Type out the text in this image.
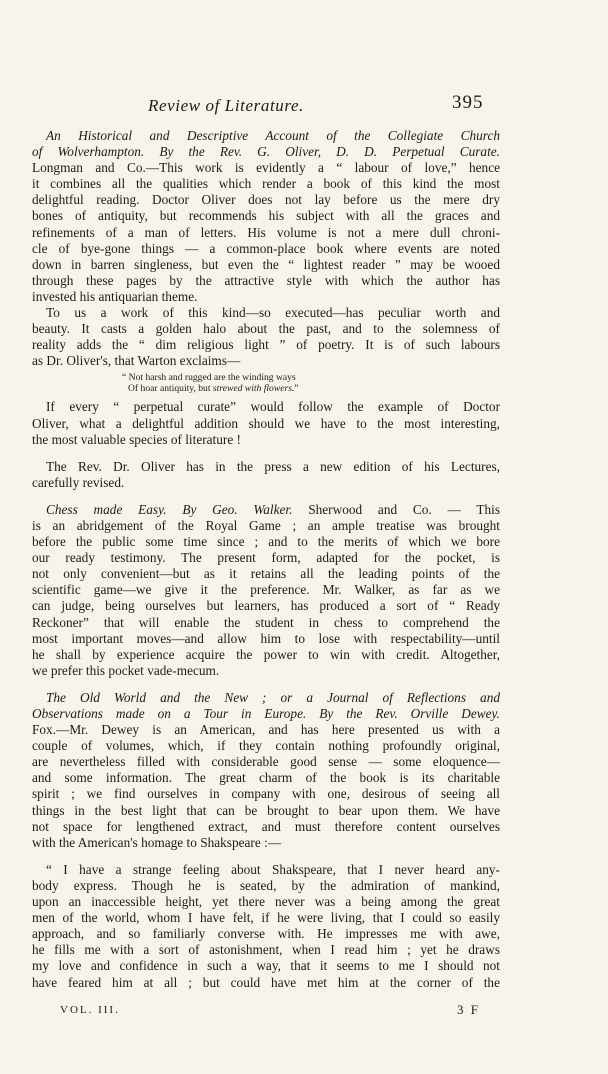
Review of Literature.	395

An Historical and Descriptive Account of the Collegiate Church
of Wolverhampton. By the Rev. G. Oliver, D. D. Perpetual Curate.
Longman and Co.—This work is evidently a “ labour of love,” hence
it combines all the qualities which render a book of this kind the most
delightful reading. Doctor Oliver does not lay before us the mere dry
bones of antiquity, but recommends his subject with all the graces and
refinements of a man of letters. His volume is not a mere dull chroni-
cle of bye-gone things — a common-place book where events are noted
down in barren singleness, but even the “ lightest reader ” may be wooed
through these pages by the attractive style with which the author has
invested his antiquarian theme.
To us a work of this kind—so executed—has peculiar worth and
beauty. It casts a golden halo about the past, and to the solemness of
reality adds the “ dim religious light ” of poetry. It is of such labours
as Dr. Oliver's, that Warton exclaims—

“ Not harsh and rugged are the winding ways
Of hoar antiquity, but strewed with flowers.”

If every “ perpetual curate” would follow the example of Doctor
Oliver, what a delightful addition should we have to the most interesting,
the most valuable species of literature !

The Rev. Dr. Oliver has in the press a new edition of his Lectures,
carefully revised.

Chess made Easy. By Geo. Walker. Sherwood and Co. — This
is an abridgement of the Royal Game ; an ample treatise was brought
before the public some time since ; and to the merits of which we bore
our ready testimony. The present form, adapted for the pocket, is
not only convenient—but as it retains all the leading points of the
scientific game—we give it the preference. Mr. Walker, as far as we
can judge, being ourselves but learners, has produced a sort of “ Ready
Reckoner” that will enable the student in chess to comprehend the
most important moves—and allow him to lose with respectability—until
he shall by experience acquire the power to win with credit. Altogether,
we prefer this pocket vade-mecum.

The Old World and the New ; or a Journal of Reflections and
Observations made on a Tour in Europe. By the Rev. Orville Dewey.
Fox.—Mr. Dewey is an American, and has here presented us with a
couple of volumes, which, if they contain nothing profoundly original,
are nevertheless filled with considerable good sense — some eloquence—
and some information. The great charm of the book is its charitable
spirit ; we find ourselves in company with one, desirous of seeing all
things in the best light that can be brought to bear upon them. We have
not space for lengthened extract, and must therefore content ourselves
with the American's homage to Shakspeare :—

“ I have a strange feeling about Shakspeare, that I never heard any-
body express. Though he is seated, by the admiration of mankind,
upon an inaccessible height, yet there never was a being among the great
men of the world, whom I have felt, if he were living, that I could so easily
approach, and so familiarly converse with. He impresses me with awe,
he fills me with a sort of astonishment, when I read him ; yet he draws
my love and confidence in such a way, that it seems to me I should not
have feared him at all ; but could have met him at the corner of the

VOL. III.	3 F
